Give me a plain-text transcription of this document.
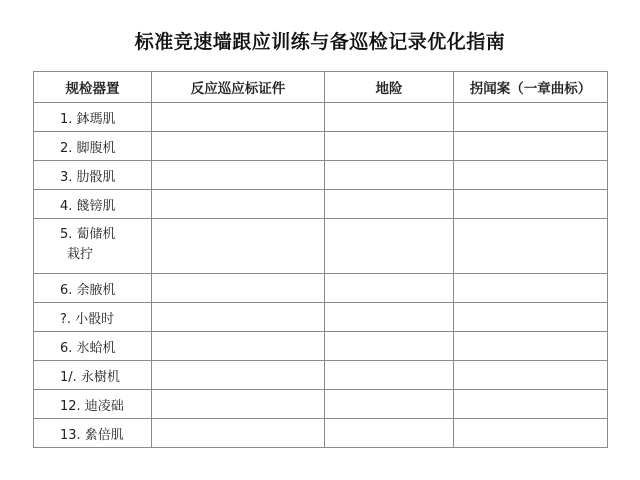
标准竞速墙跟应训练与备巡检记录优化指南
规检器置	反应巡应标证件	地险	拐闻案（一章曲标）
1. 鉢瑪肌			
2. 脚腹机			
3. 肋骰肌			
4. 餞镑肌			

5. 蔔储机
栽拧			

6. 余腋机			
?. 小骰时			
6. 氷蛤机			
1/. 永樹机			
12. 迪凌础			
13. 絫倍肌			
